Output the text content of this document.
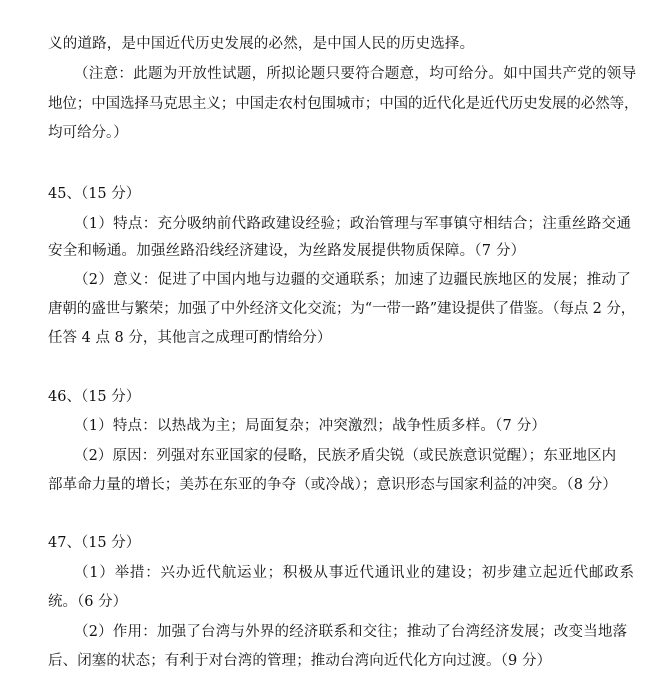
义的道路，是中国近代历史发展的必然，是中国人民的历史选择。
（注意：此题为开放性试题，所拟论题只要符合题意，均可给分。如中国共产党的领导
地位；中国选择马克思主义；中国走农村包围城市；中国的近代化是近代历史发展的必然等，
均可给分。）
45、（15 分）
（1）特点：充分吸纳前代路政建设经验；政治管理与军事镇守相结合；注重丝路交通
安全和畅通。加强丝路沿线经济建设，为丝路发展提供物质保障。（7 分）
（2）意义：促进了中国内地与边疆的交通联系；加速了边疆民族地区的发展；推动了
唐朝的盛世与繁荣；加强了中外经济文化交流；为“一带一路”建设提供了借鉴。（每点 2 分，
任答 4 点 8 分，其他言之成理可酌情给分）
46、（15 分）
（1）特点：以热战为主；局面复杂；冲突激烈；战争性质多样。（7 分）
（2）原因：列强对东亚国家的侵略，民族矛盾尖锐（或民族意识觉醒）；东亚地区内
部革命力量的增长；美苏在东亚的争夺（或冷战）；意识形态与国家利益的冲突。（8 分）
47、（15 分）
（1）举措：兴办近代航运业；积极从事近代通讯业的建设；初步建立起近代邮政系
统。（6 分）
（2）作用：加强了台湾与外界的经济联系和交往；推动了台湾经济发展；改变当地落
后、闭塞的状态；有利于对台湾的管理；推动台湾向近代化方向过渡。（9 分）
